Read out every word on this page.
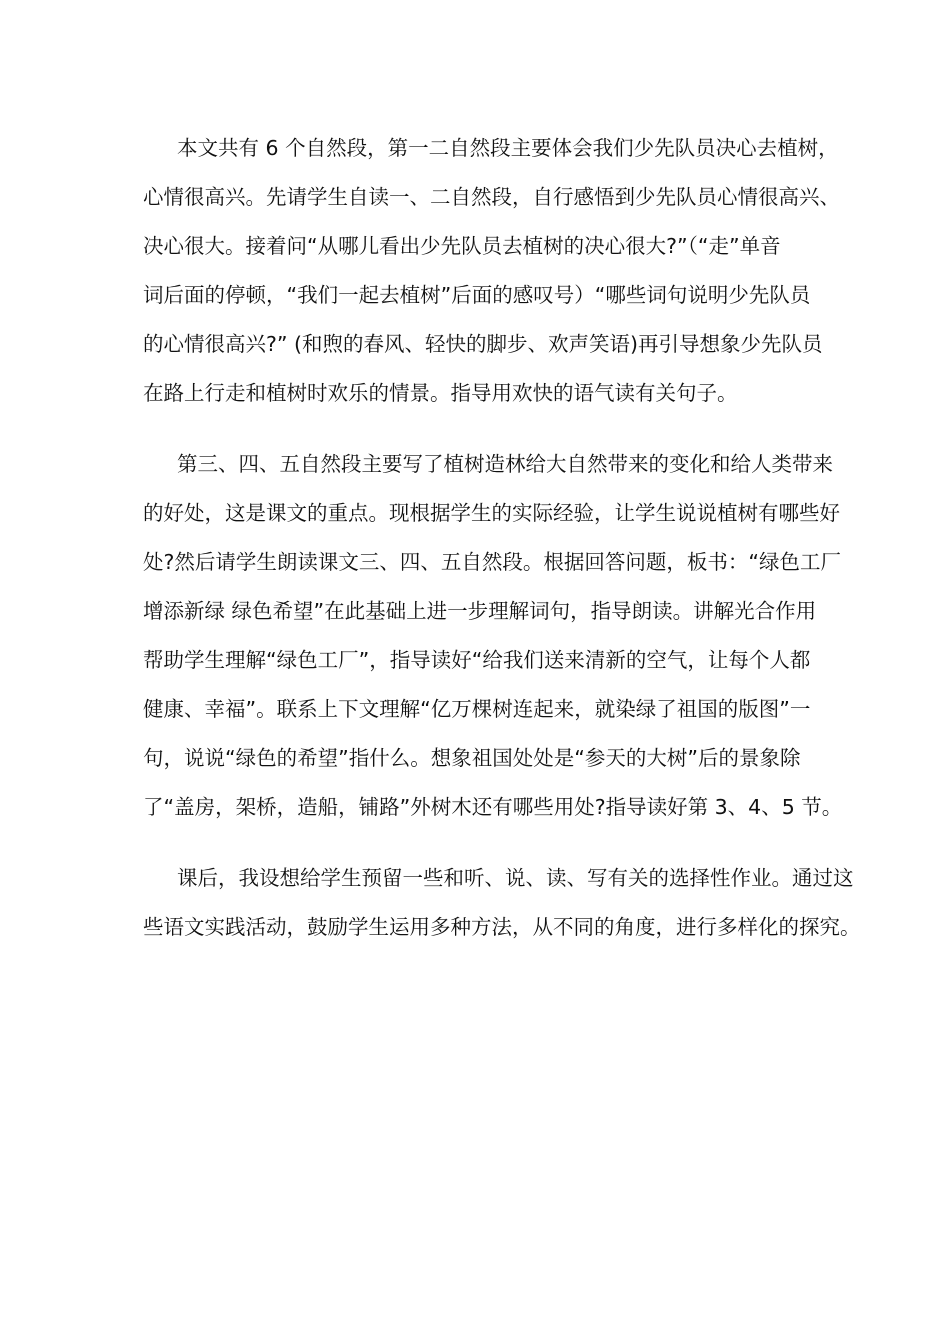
本文共有 6 个自然段，第一二自然段主要体会我们少先队员决心去植树，
心情很高兴。先请学生自读一、二自然段，自行感悟到少先队员心情很高兴、
决心很大。接着问“从哪儿看出少先队员去植树的决心很大?”（“走”单音
词后面的停顿，“我们一起去植树”后面的感叹号）“哪些词句说明少先队员
的心情很高兴?” (和煦的春风、轻快的脚步、欢声笑语)再引导想象少先队员
在路上行走和植树时欢乐的情景。指导用欢快的语气读有关句子。
第三、四、五自然段主要写了植树造林给大自然带来的变化和给人类带来
的好处，这是课文的重点。现根据学生的实际经验，让学生说说植树有哪些好
处?然后请学生朗读课文三、四、五自然段。根据回答问题，板书：“绿色工厂
增添新绿 绿色希望”在此基础上进一步理解词句，指导朗读。讲解光合作用
帮助学生理解“绿色工厂”，指导读好“给我们送来清新的空气，让每个人都
健康、幸福”。联系上下文理解“亿万棵树连起来，就染绿了祖国的版图”一
句，说说“绿色的希望”指什么。想象祖国处处是“参天的大树”后的景象除
了“盖房，架桥，造船，铺路”外树木还有哪些用处?指导读好第 3、4、5 节。
课后，我设想给学生预留一些和听、说、读、写有关的选择性作业。通过这
些语文实践活动，鼓励学生运用多种方法，从不同的角度，进行多样化的探究。
